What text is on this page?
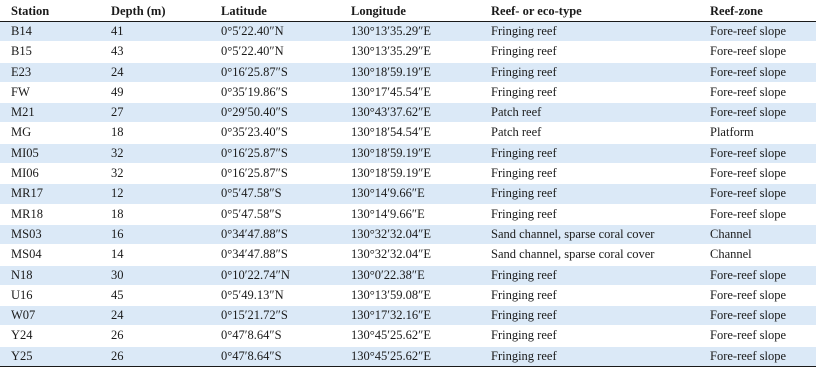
Station	Depth (m)	Latitude	Longitude	Reef- or eco-type	Reef-zone
B14	41	0°5′22.40″N	130°13′35.29″E	Fringing reef	Fore-reef slope
B15	43	0°5′22.40″N	130°13′35.29″E	Fringing reef	Fore-reef slope
E23	24	0°16′25.87″S	130°18′59.19″E	Fringing reef	Fore-reef slope
FW	49	0°35′19.86″S	130°17′45.54″E	Fringing reef	Fore-reef slope
M21	27	0°29′50.40″S	130°43′37.62″E	Patch reef	Fore-reef slope
MG	18	0°35′23.40″S	130°18′54.54″E	Patch reef	Platform
MI05	32	0°16′25.87″S	130°18′59.19″E	Fringing reef	Fore-reef slope
MI06	32	0°16′25.87″S	130°18′59.19″E	Fringing reef	Fore-reef slope
MR17	12	0°5′47.58″S	130°14′9.66″E	Fringing reef	Fore-reef slope
MR18	18	0°5′47.58″S	130°14′9.66″E	Fringing reef	Fore-reef slope
MS03	16	0°34′47.88″S	130°32′32.04″E	Sand channel, sparse coral cover	Channel
MS04	14	0°34′47.88″S	130°32′32.04″E	Sand channel, sparse coral cover	Channel
N18	30	0°10′22.74″N	130°0′22.38″E	Fringing reef	Fore-reef slope
U16	45	0°5′49.13″N	130°13′59.08″E	Fringing reef	Fore-reef slope
W07	24	0°15′21.72″S	130°17′32.16″E	Fringing reef	Fore-reef slope
Y24	26	0°47′8.64″S	130°45′25.62″E	Fringing reef	Fore-reef slope
Y25	26	0°47′8.64″S	130°45′25.62″E	Fringing reef	Fore-reef slope
